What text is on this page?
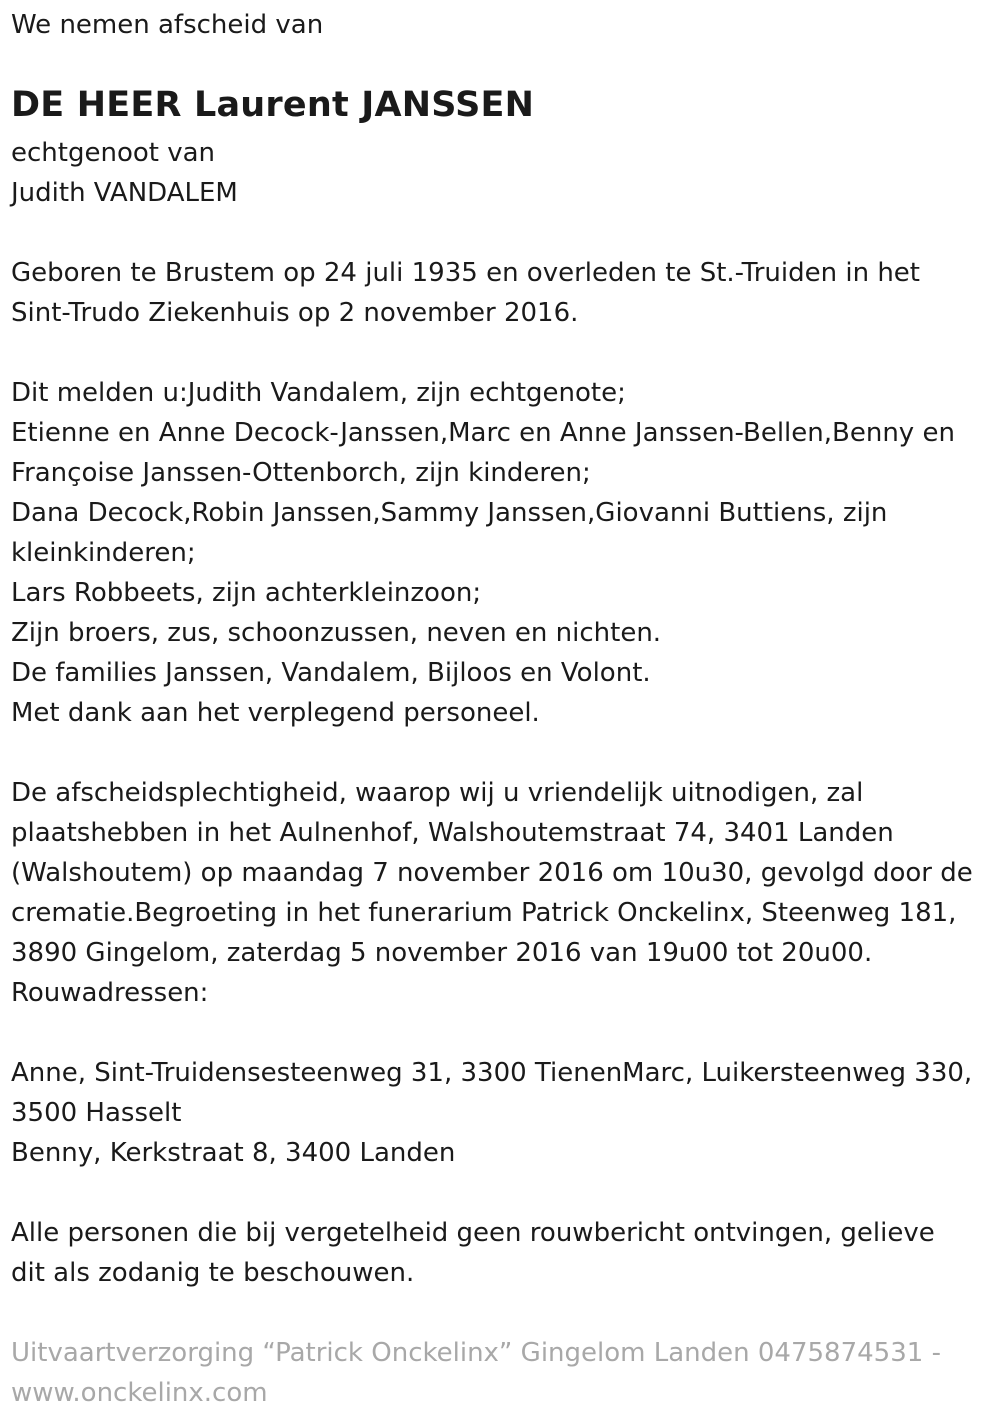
We nemen afscheid van
DE HEER Laurent JANSSEN
echtgenoot van
Judith VANDALEM
Geboren te Brustem op 24 juli 1935 en overleden te St.-Truiden in het
Sint-Trudo Ziekenhuis op 2 november 2016.
Dit melden u:Judith Vandalem, zijn echtgenote;
Etienne en Anne Decock-Janssen,Marc en Anne Janssen-Bellen,Benny en
Françoise Janssen-Ottenborch, zijn kinderen;
Dana Decock,Robin Janssen,Sammy Janssen,Giovanni Buttiens, zijn
kleinkinderen;
Lars Robbeets, zijn achterkleinzoon;
Zijn broers, zus, schoonzussen, neven en nichten.
De families Janssen, Vandalem, Bijloos en Volont.
Met dank aan het verplegend personeel.
De afscheidsplechtigheid, waarop wij u vriendelijk uitnodigen, zal
plaatshebben in het Aulnenhof, Walshoutemstraat 74, 3401 Landen
(Walshoutem) op maandag 7 november 2016 om 10u30, gevolgd door de
crematie.Begroeting in het funerarium Patrick Onckelinx, Steenweg 181,
3890 Gingelom, zaterdag 5 november 2016 van 19u00 tot 20u00.
Rouwadressen:
Anne, Sint-Truidensesteenweg 31, 3300 TienenMarc, Luikersteenweg 330,
3500 Hasselt
Benny, Kerkstraat 8, 3400 Landen
Alle personen die bij vergetelheid geen rouwbericht ontvingen, gelieve
dit als zodanig te beschouwen.
Uitvaartverzorging “Patrick Onckelinx” Gingelom Landen 0475874531 -
www.onckelinx.com
